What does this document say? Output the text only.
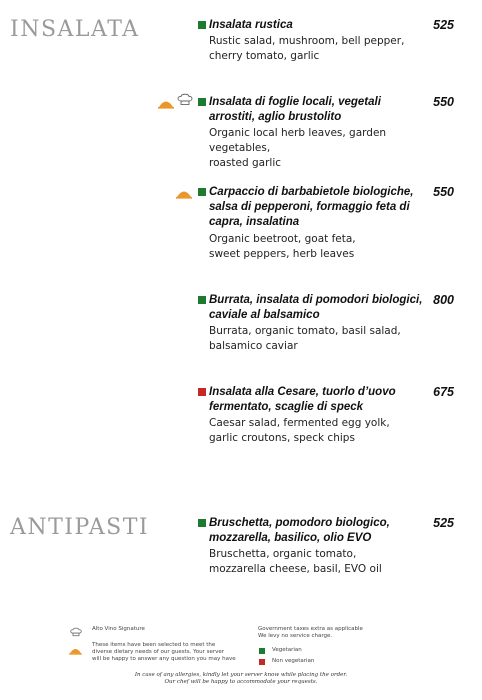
INSALATA
ANTIPASTI
Insalata rustica	525
Rustic salad, mushroom, bell pepper,
cherry tomato, garlic
Insalata di foglie locali, vegetali arrostiti, aglio brustolito
550
Organic local herb leaves, garden vegetables,
roasted garlic
Carpaccio di barbabietole biologiche, salsa di pepperoni, formaggio feta di capra, insalatina
550
Organic beetroot, goat feta,
sweet peppers, herb leaves
Burrata, insalata di pomodori biologici, caviale al balsamico
800
Burrata, organic tomato, basil salad,
balsamico caviar
Insalata alla Cesare, tuorlo d’uovo fermentato, scaglie di speck
675
Caesar salad, fermented egg yolk,
garlic croutons, speck chips
Bruschetta, pomodoro biologico, mozzarella, basilico, olio EVO
525
Bruschetta, organic tomato,
mozzarella cheese, basil, EVO oil
Alto Vino Signature
These items have been selected to meet the
diverse dietary needs of our guests. Your server
will be happy to answer any question you may have
Government taxes extra as applicable
We levy no service charge.
Vegetarian
Non vegetarian
In case of any allergies, kindly let your server know while placing the order.
Our chef will be happy to accommodate your requests.
